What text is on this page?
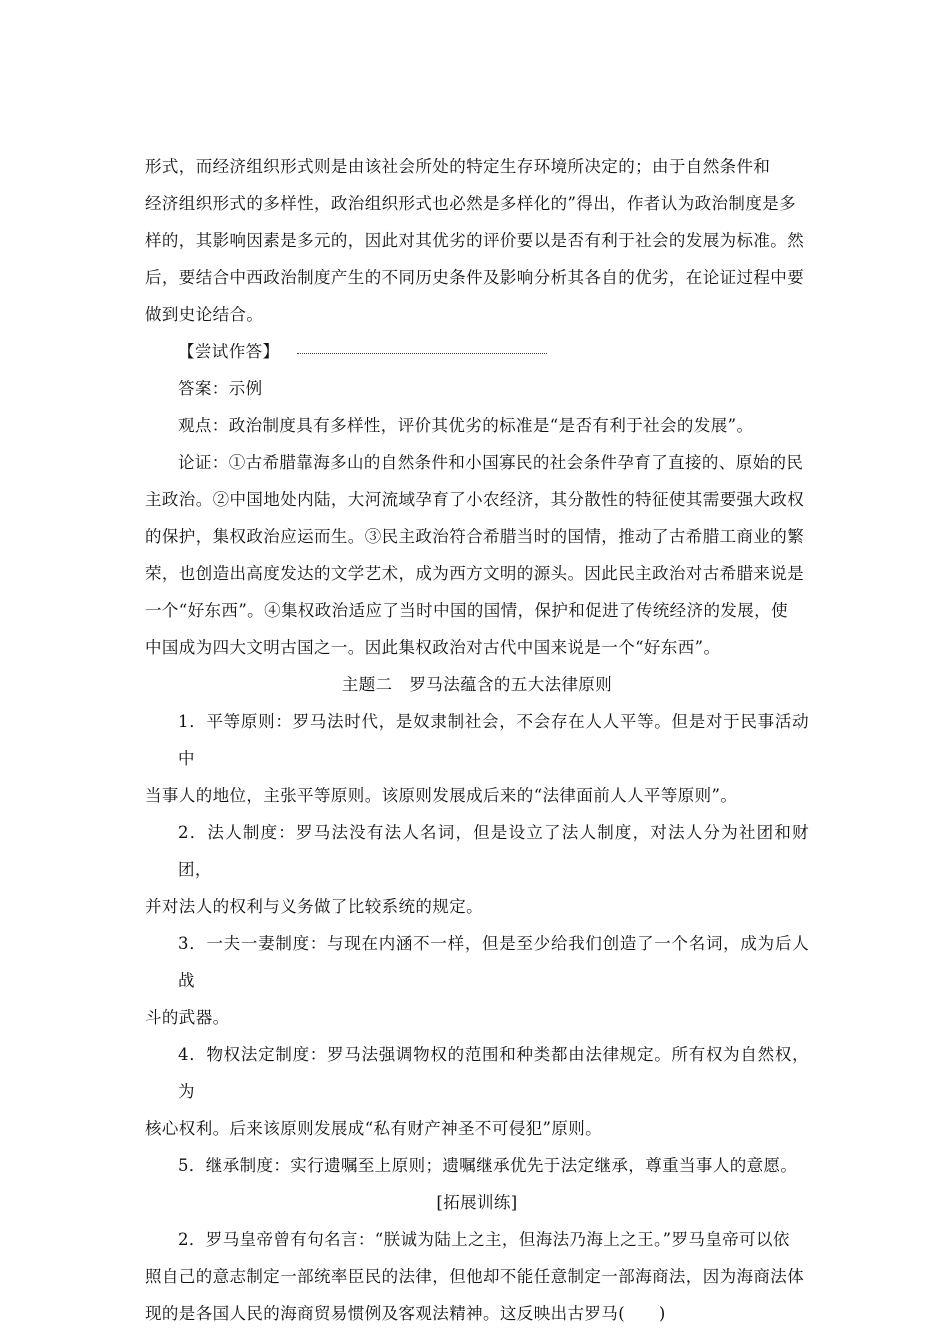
形式，而经济组织形式则是由该社会所处的特定生存环境所决定的；由于自然条件和

经济组织形式的多样性，政治组织形式也必然是多样化的”得出，作者认为政治制度是多

样的，其影响因素是多元的，因此对其优劣的评价要以是否有利于社会的发展为标准。然

后，要结合中西政治制度产生的不同历史条件及影响分析其各自的优劣，在论证过程中要

做到史论结合。

【尝试作答】

答案：示例

观点：政治制度具有多样性，评价其优劣的标准是“是否有利于社会的发展”。

论证：①古希腊靠海多山的自然条件和小国寡民的社会条件孕育了直接的、原始的民

主政治。②中国地处内陆，大河流域孕育了小农经济，其分散性的特征使其需要强大政权

的保护，集权政治应运而生。③民主政治符合希腊当时的国情，推动了古希腊工商业的繁

荣，也创造出高度发达的文学艺术，成为西方文明的源头。因此民主政治对古希腊来说是

一个“好东西”。④集权政治适应了当时中国的国情，保护和促进了传统经济的发展，使

中国成为四大文明古国之一。因此集权政治对古代中国来说是一个“好东西”。

主题二　罗马法蕴含的五大法律原则

1．平等原则：罗马法时代，是奴隶制社会，不会存在人人平等。但是对于民事活动中

当事人的地位，主张平等原则。该原则发展成后来的“法律面前人人平等原则”。

2．法人制度：罗马法没有法人名词，但是设立了法人制度，对法人分为社团和财团，

并对法人的权利与义务做了比较系统的规定。

3．一夫一妻制度：与现在内涵不一样，但是至少给我们创造了一个名词，成为后人战

斗的武器。

4．物权法定制度：罗马法强调物权的范围和种类都由法律规定。所有权为自然权，为

核心权利。后来该原则发展成“私有财产神圣不可侵犯”原则。

5．继承制度：实行遗嘱至上原则；遗嘱继承优先于法定继承，尊重当事人的意愿。

[拓展训练]

2．罗马皇帝曾有句名言：“朕诚为陆上之主，但海法乃海上之王。”罗马皇帝可以依

照自己的意志制定一部统率臣民的法律，但他却不能任意制定一部海商法，因为海商法体

现的是各国人民的海商贸易惯例及客观法精神。这反映出古罗马(　　)
